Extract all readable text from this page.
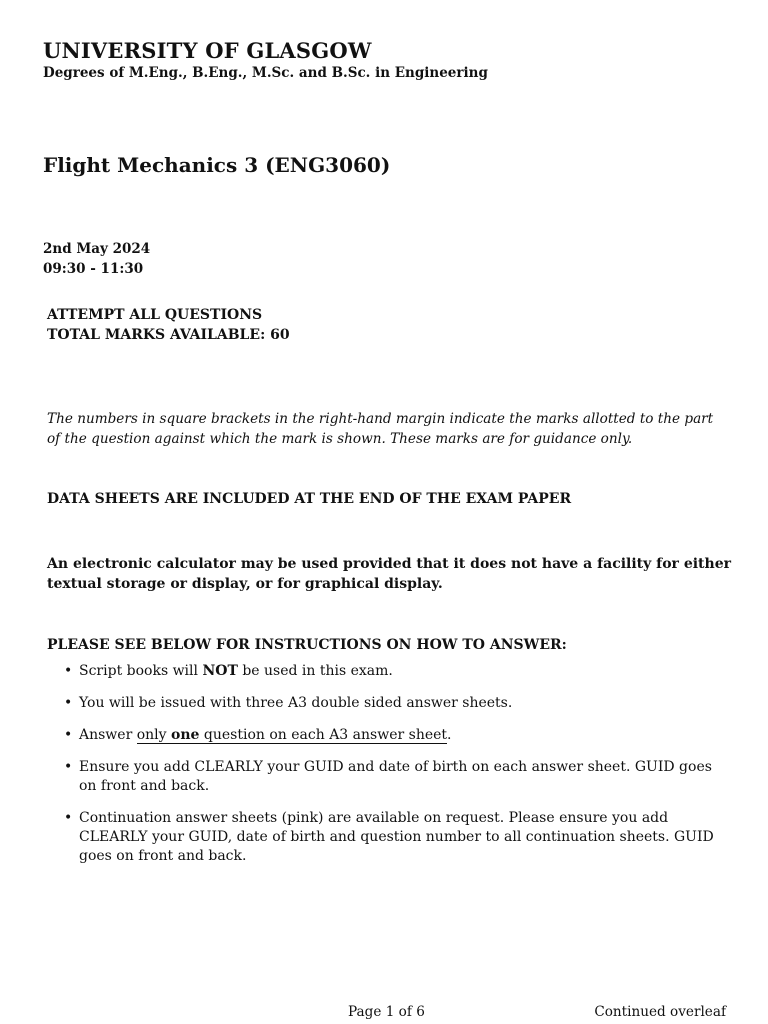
UNIVERSITY OF GLASGOW
Degrees of M.Eng., B.Eng., M.Sc. and B.Sc. in Engineering
Flight Mechanics 3 (ENG3060)
2nd May 2024
09:30 - 11:30
ATTEMPT ALL QUESTIONS
TOTAL MARKS AVAILABLE: 60
The numbers in square brackets in the right-hand margin indicate the marks allotted to the part of the question against which the mark is shown. These marks are for guidance only.
DATA SHEETS ARE INCLUDED AT THE END OF THE EXAM PAPER
An electronic calculator may be used provided that it does not have a facility for either textual storage or display, or for graphical display.
PLEASE SEE BELOW FOR INSTRUCTIONS ON HOW TO ANSWER:
• Script books will NOT be used in this exam.
• You will be issued with three A3 double sided answer sheets.
• Answer only one question on each A3 answer sheet.
• Ensure you add CLEARLY your GUID and date of birth on each answer sheet. GUID goes on front and back.
• Continuation answer sheets (pink) are available on request. Please ensure you add CLEARLY your GUID, date of birth and question number to all continuation sheets. GUID goes on front and back.
Page 1 of 6	Continued overleaf
